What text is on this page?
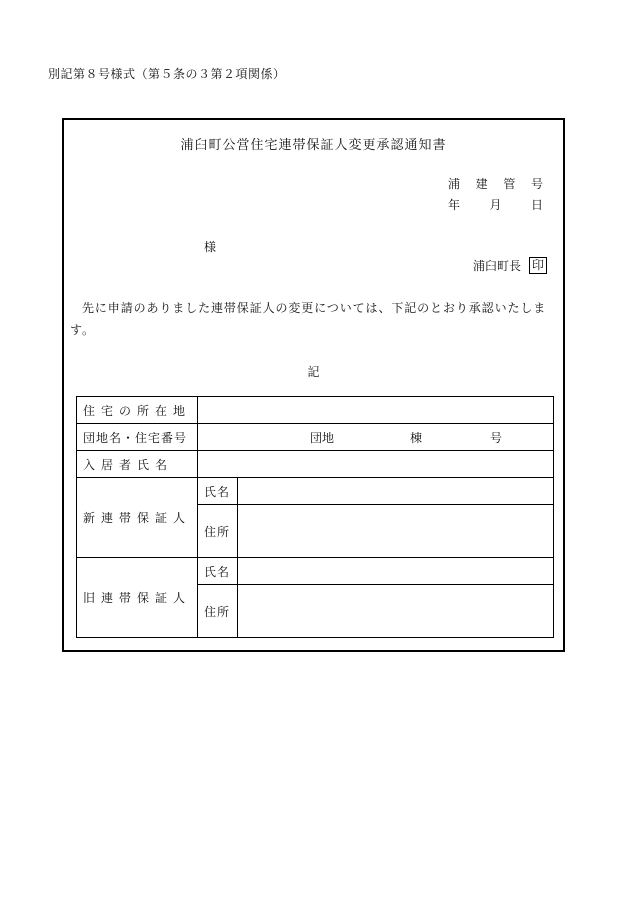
別記第８号様式（第５条の３第２項関係）
浦臼町公営住宅連帯保証人変更承認通知書
浦 建 管 号
年 月 日
様
浦臼町長 印
先に申請のありました連帯保証人の変更については、下記のとおり承認いたします。
記
住宅の所在地		
団地名・住宅番号	団地 棟 号	

入居者氏名		
新連帯保証人	氏名	
	住所	
旧連帯保証人	氏名	
	住所	
